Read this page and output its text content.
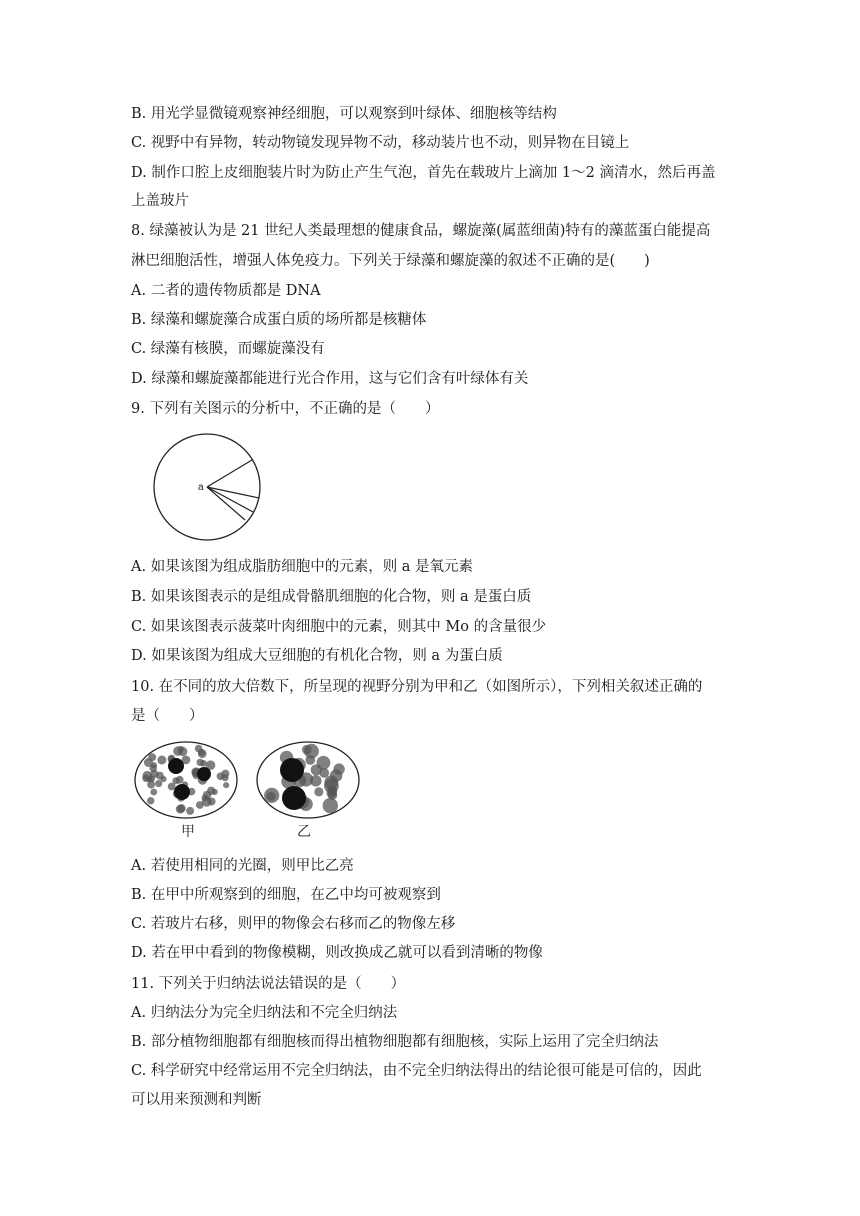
B. 用光学显微镜观察神经细胞，可以观察到叶绿体、细胞核等结构
C. 视野中有异物，转动物镜发现异物不动，移动装片也不动，则异物在目镜上
D. 制作口腔上皮细胞装片时为防止产生气泡，首先在载玻片上滴加 1～2 滴清水，然后再盖
上盖玻片
8. 绿藻被认为是 21 世纪人类最理想的健康食品，螺旋藻(属蓝细菌)特有的藻蓝蛋白能提高
淋巴细胞活性，增强人体免疫力。下列关于绿藻和螺旋藻的叙述不正确的是(　　)
A. 二者的遗传物质都是 DNA
B. 绿藻和螺旋藻合成蛋白质的场所都是核糖体
C. 绿藻有核膜，而螺旋藻没有
D. 绿藻和螺旋藻都能进行光合作用，这与它们含有叶绿体有关
9. 下列有关图示的分析中，不正确的是（　　）
a
A. 如果该图为组成脂肪细胞中的元素，则 a 是氧元素
B. 如果该图表示的是组成骨骼肌细胞的化合物，则 a 是蛋白质
C. 如果该图表示菠菜叶肉细胞中的元素，则其中 Mo 的含量很少
D. 如果该图为组成大豆细胞的有机化合物，则 a 为蛋白质
10. 在不同的放大倍数下，所呈现的视野分别为甲和乙（如图所示），下列相关叙述正确的
是（　　）
甲	乙
A. 若使用相同的光圈，则甲比乙亮
B. 在甲中所观察到的细胞，在乙中均可被观察到
C. 若玻片右移，则甲的物像会右移而乙的物像左移
D. 若在甲中看到的物像模糊，则改换成乙就可以看到清晰的物像
11. 下列关于归纳法说法错误的是（　　）
A. 归纳法分为完全归纳法和不完全归纳法
B. 部分植物细胞都有细胞核而得出植物细胞都有细胞核，实际上运用了完全归纳法
C. 科学研究中经常运用不完全归纳法，由不完全归纳法得出的结论很可能是可信的，因此
可以用来预测和判断
